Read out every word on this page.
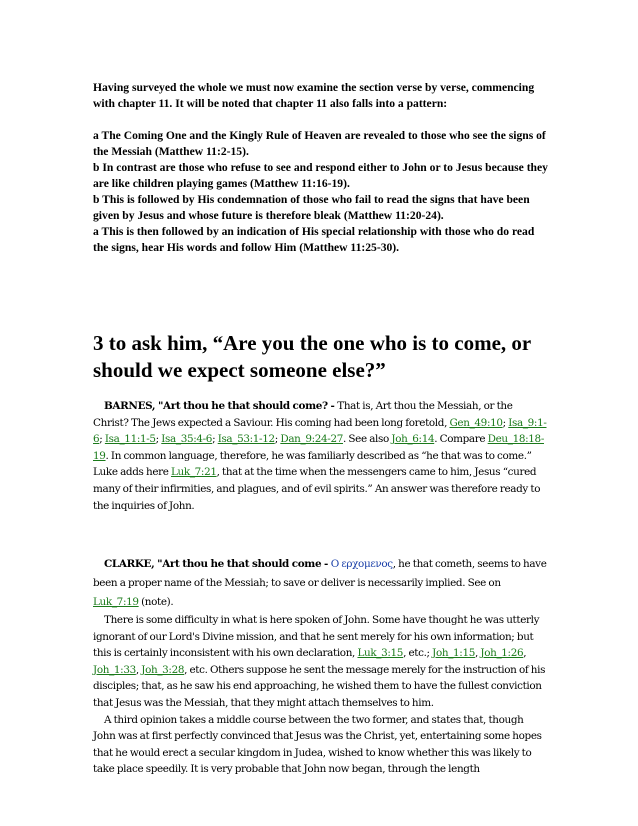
Having surveyed the whole we must now examine the section verse by verse, commencing with chapter 11. It will be noted that chapter 11 also falls into a pattern:

a The Coming One and the Kingly Rule of Heaven are revealed to those who see the signs of the Messiah (Matthew 11:2-15).

b In contrast are those who refuse to see and respond either to John or to Jesus because they are like children playing games (Matthew 11:16-19).

b This is followed by His condemnation of those who fail to read the signs that have been given by Jesus and whose future is therefore bleak (Matthew 11:20-24).

a This is then followed by an indication of His special relationship with those who do read the signs, hear His words and follow Him (Matthew 11:25-30).

3 to ask him, “Are you the one who is to come, or should we expect someone else?”

BARNES, "Art thou he that should come? - That is, Art thou the Messiah, or the Christ? The Jews expected a Saviour. His coming had been long foretold, Gen_49:10; Isa_9:1-6; Isa_11:1-5; Isa_35:4-6; Isa_53:1-12; Dan_9:24-27. See also Joh_6:14. Compare Deu_18:18-19. In common language, therefore, he was familiarly described as “he that was to come.” Luke adds here Luk_7:21, that at the time when the messengers came to him, Jesus “cured many of their infirmities, and plagues, and of evil spirits.” An answer was therefore ready to the inquiries of John.

CLARKE, "Art thou he that should come - Ο ερχομενος, he that cometh, seems to have been a proper name of the Messiah; to save or deliver is necessarily implied. See on Luk_7:19 (note).

There is some difficulty in what is here spoken of John. Some have thought he was utterly ignorant of our Lord's Divine mission, and that he sent merely for his own information; but this is certainly inconsistent with his own declaration, Luk_3:15, etc.; Joh_1:15, Joh_1:26, Joh_1:33, Joh_3:28, etc. Others suppose he sent the message merely for the instruction of his disciples; that, as he saw his end approaching, he wished them to have the fullest conviction that Jesus was the Messiah, that they might attach themselves to him.

A third opinion takes a middle course between the two former, and states that, though John was at first perfectly convinced that Jesus was the Christ, yet, entertaining some hopes that he would erect a secular kingdom in Judea, wished to know whether this was likely to take place speedily. It is very probable that John now began, through the length
